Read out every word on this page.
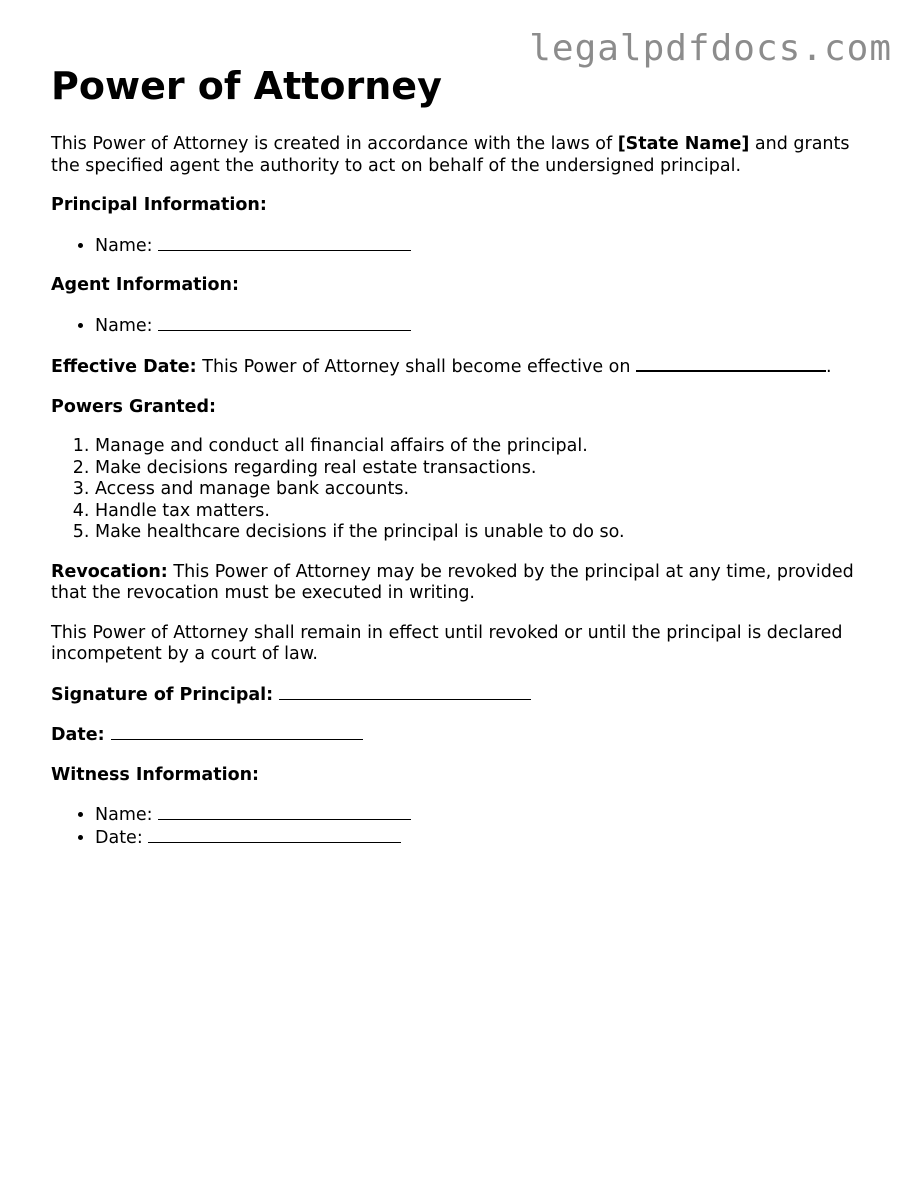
legalpdfdocs.com
Power of Attorney

This Power of Attorney is created in accordance with the laws of [State Name] and grants the specified agent the authority to act on behalf of the undersigned principal.

Principal Information:

• Name:

Agent Information:

• Name:

Effective Date: This Power of Attorney shall become effective on	.

Powers Granted:

1. Manage and conduct all financial affairs of the principal.
2. Make decisions regarding real estate transactions.
3. Access and manage bank accounts.
4. Handle tax matters.
5. Make healthcare decisions if the principal is unable to do so.

Revocation: This Power of Attorney may be revoked by the principal at any time, provided that the revocation must be executed in writing.

This Power of Attorney shall remain in effect until revoked or until the principal is declared incompetent by a court of law.

Signature of Principal:

Date:

Witness Information:

• Name:
• Date:
